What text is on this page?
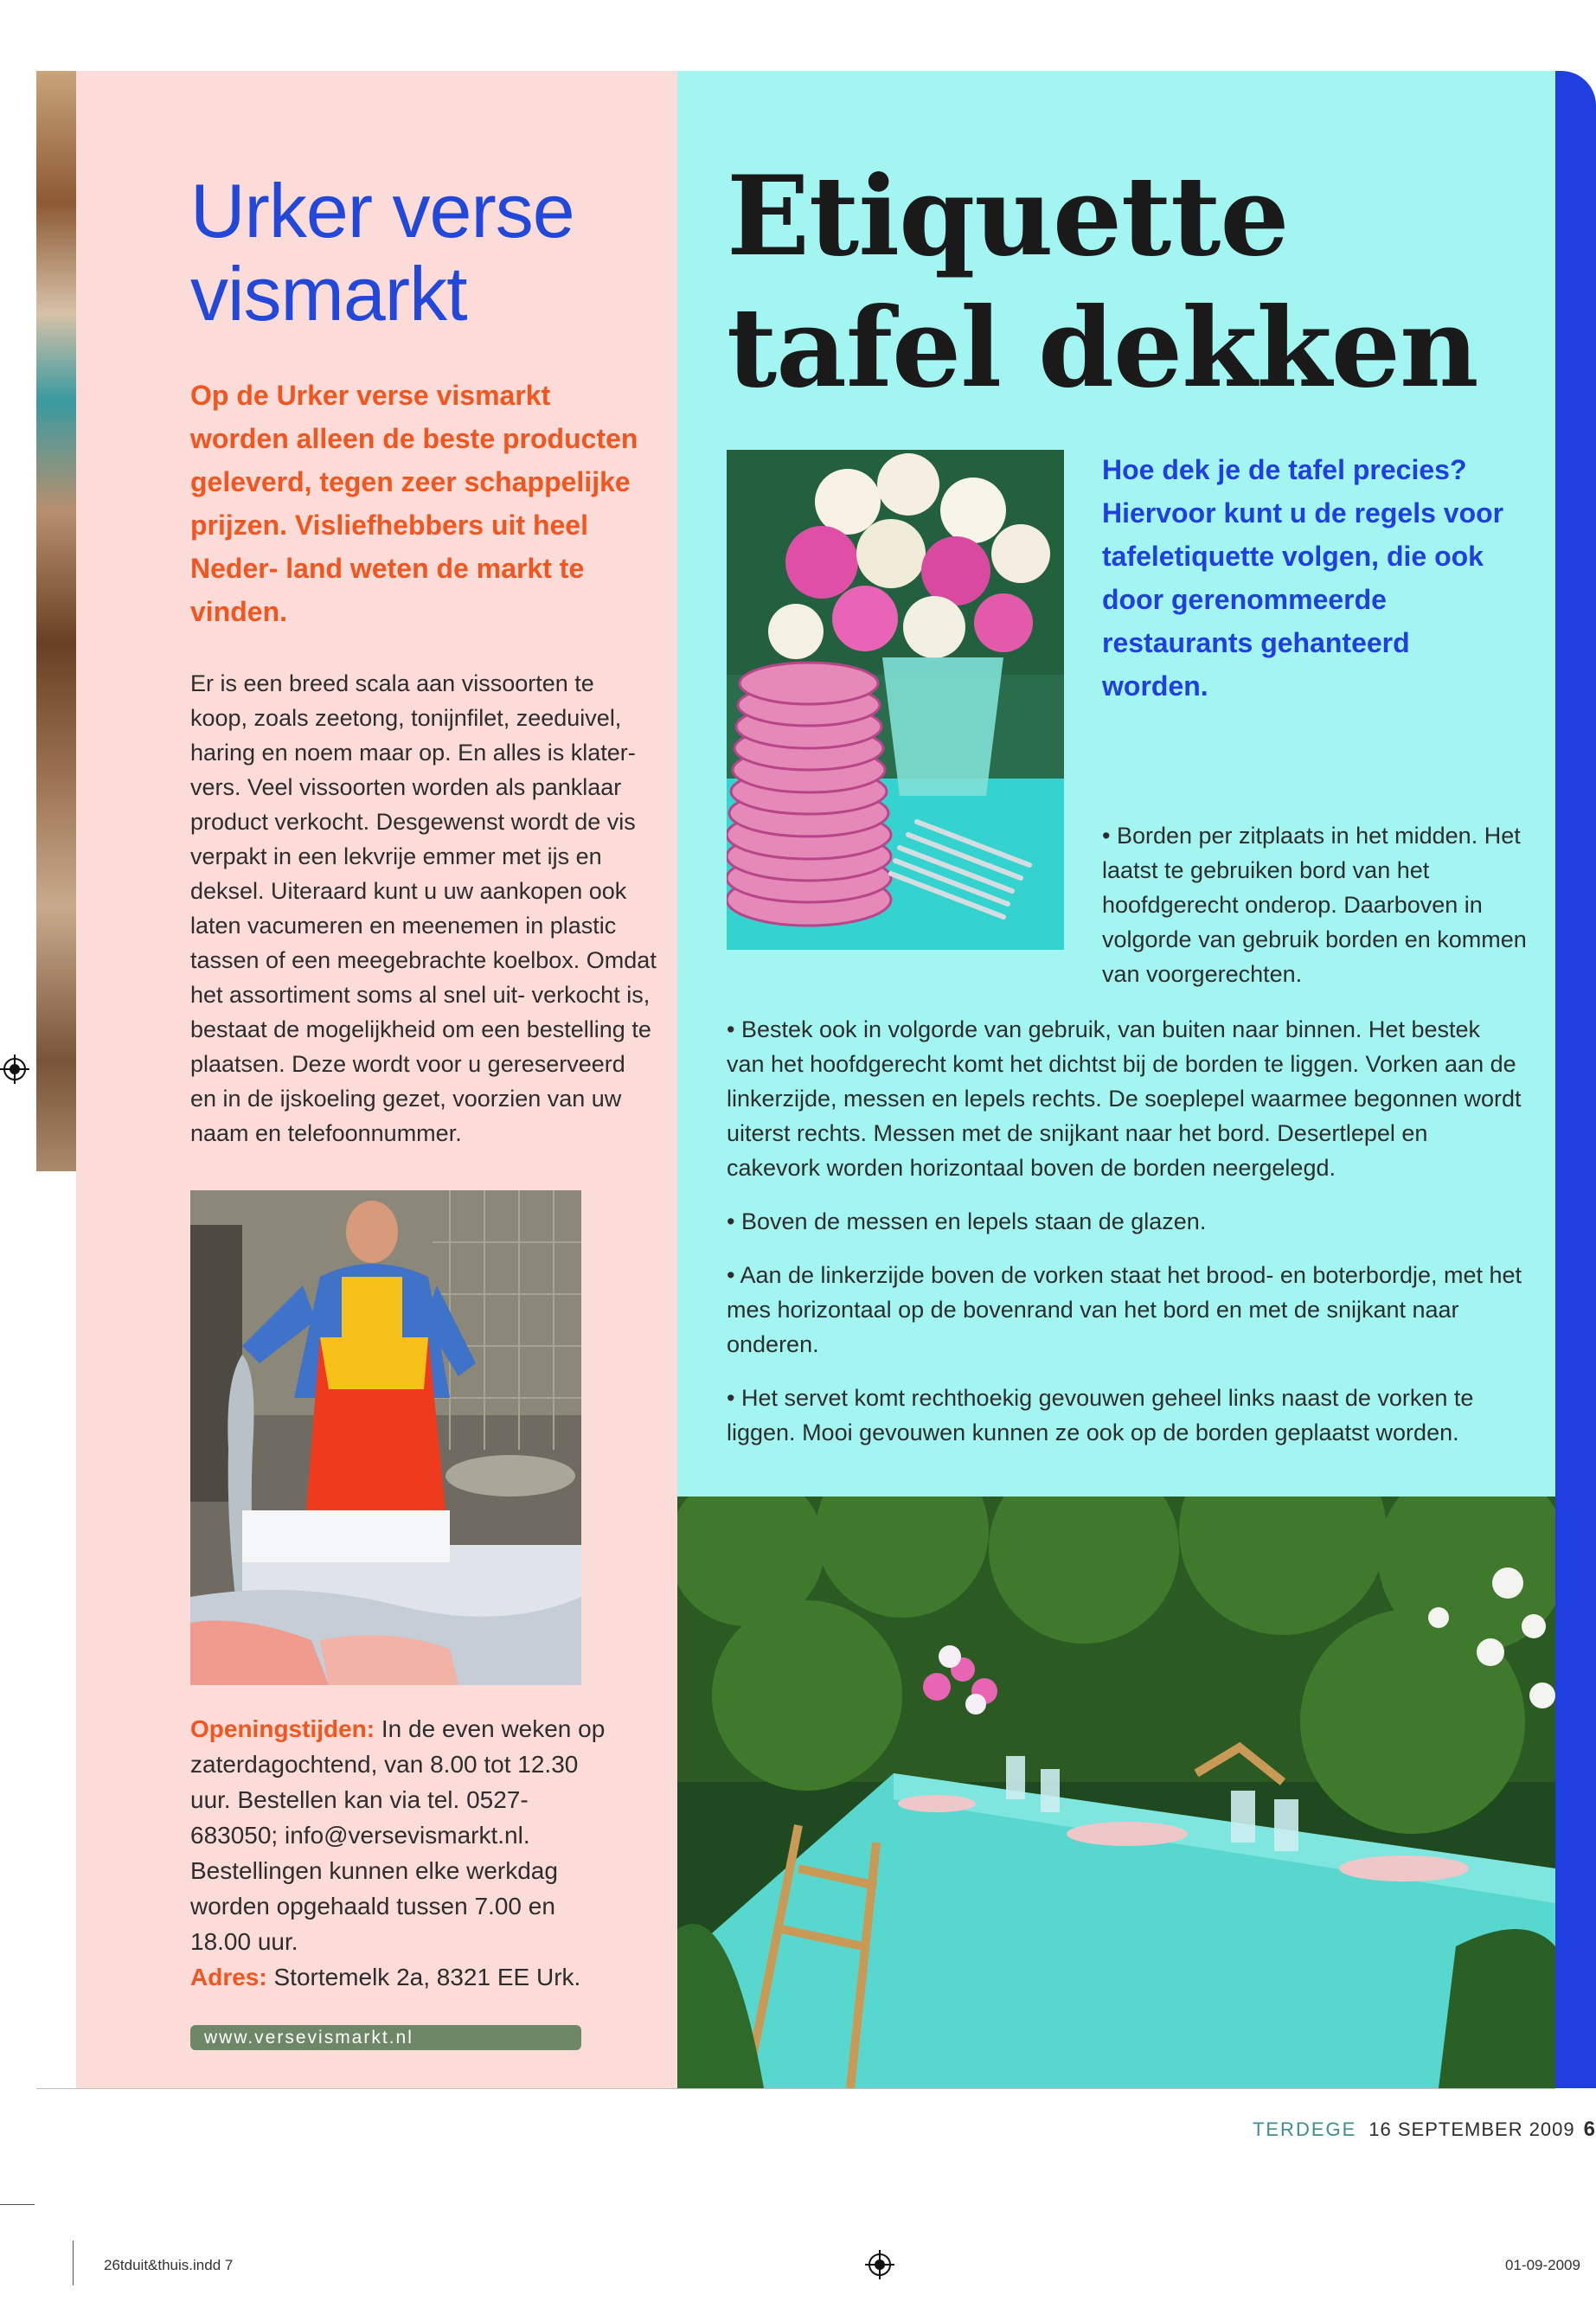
Urker verse vismarkt

Op de Urker verse vismarkt worden alleen de beste producten geleverd, tegen zeer schappelijke prijzen. Visliefhebbers uit heel Neder- land weten de markt te vinden.

Er is een breed scala aan vissoorten te koop, zoals zeetong, tonijnfilet, zeeduivel, haring en noem maar op. En alles is klater- vers. Veel vissoorten worden als panklaar product verkocht. Desgewenst wordt de vis verpakt in een lekvrije emmer met ijs en deksel. Uiteraard kunt u uw aankopen ook laten vacumeren en meenemen in plastic tassen of een meegebrachte koelbox. Omdat het assortiment soms al snel uit- verkocht is, bestaat de mogelijkheid om een bestelling te plaatsen. Deze wordt voor u gereserveerd en in de ijskoeling gezet, voorzien van uw naam en telefoonnummer.

Openingstijden: In de even weken op zaterdagochtend, van 8.00 tot 12.30 uur. Bestellen kan via tel. 0527- 683050; info@versevismarkt.nl. Bestellingen kunnen elke werkdag worden opgehaald tussen 7.00 en 18.00 uur.
Adres: Stortemelk 2a, 8321 EE Urk.

www.versevismarkt.nl
Etiquette
tafel dekken

Hoe dek je de tafel precies? Hiervoor kunt u de regels voor tafeletiquette volgen, die ook door gerenommeerde restaurants gehanteerd worden.

• Borden per zitplaats in het midden. Het laatst te gebruiken bord van het hoofdgerecht onderop. Daarboven in volgorde van gebruik borden en kommen van voorgerechten.

• Bestek ook in volgorde van gebruik, van buiten naar binnen. Het bestek van het hoofdgerecht komt het dichtst bij de borden te liggen. Vorken aan de linkerzijde, messen en lepels rechts. De soeplepel waarmee begonnen wordt uiterst rechts. Messen met de snijkant naar het bord. Desertlepel en cakevork worden horizontaal boven de borden neergelegd.

• Boven de messen en lepels staan de glazen.

• Aan de linkerzijde boven de vorken staat het brood- en boterbordje, met het mes horizontaal op de bovenrand van het bord en met de snijkant naar onderen.

• Het servet komt rechthoekig gevouwen geheel links naast de vorken te liggen. Mooi gevouwen kunnen ze ook op de borden geplaatst worden.

TERDEGE 16 SEPTEMBER 2009 6
26tduit&thuis.indd 7	01-09-2009
